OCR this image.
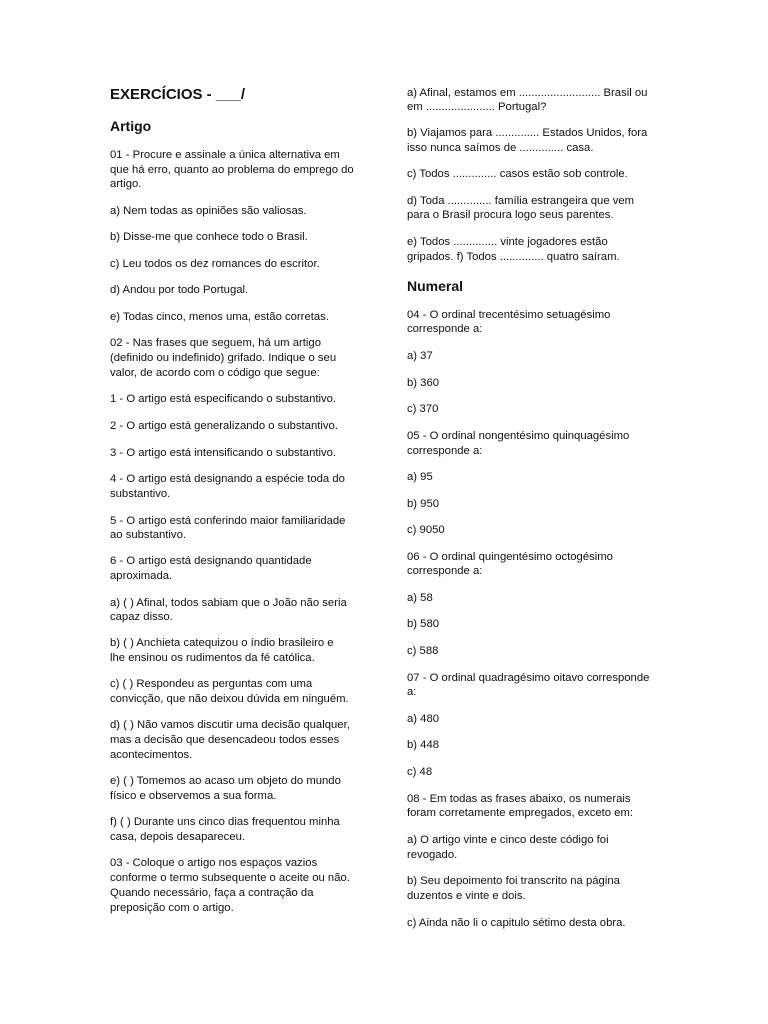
EXERCÍCIOS - ___/
Artigo
01 - Procure e assinale a única alternativa em
que há erro, quanto ao problema do emprego do
artigo.
a) Nem todas as opiniões são valiosas.
b) Disse-me que conhece todo o Brasil.
c) Leu todos os dez romances do escritor.
d) Andou por todo Portugal.
e) Todas cinco, menos uma, estão corretas.
02 - Nas frases que seguem, há um artigo
(definido ou indefinido) grifado. Indique o seu
valor, de acordo com o código que segue:
1 - O artigo está especificando o substantivo.
2 - O artigo está generalizando o substantivo.
3 - O artigo está intensificando o substantivo.
4 - O artigo está designando a espécie toda do
substantivo.
5 - O artigo está conferindo maior familiaridade
ao substantivo.
6 - O artigo está designando quantidade
aproximada.
a) ( ) Afinal, todos sabiam que o João não seria
capaz disso.
b) ( ) Anchieta catequizou o índio brasileiro e
lhe ensinou os rudimentos da fé católica.
c) ( ) Respondeu as perguntas com uma
convicção, que não deixou dúvida em ninguém.
d) ( ) Não vamos discutir uma decisão qualquer,
mas a decisão que desencadeou todos esses
acontecimentos.
e) ( ) Tomemos ao acaso um objeto do mundo
físico e observemos a sua forma.
f) ( ) Durante uns cinco dias frequentou minha
casa, depois desapareceu.
03 - Coloque o artigo nos espaços vazios
conforme o termo subsequente o aceite ou não.
Quando necessário, faça a contração da
preposição com o artigo.
a) Afinal, estamos em .......................... Brasil ou
em ...................... Portugal?
b) Viajamos para .............. Estados Unidos, fora
isso nunca saímos de .............. casa.
c) Todos .............. casos estão sob controle.
d) Toda .............. família estrangeira que vem
para o Brasil procura logo seus parentes.
e) Todos .............. vinte jogadores estão
gripados. f) Todos .............. quatro saíram.
Numeral
04 - O ordinal trecentésimo setuagésimo
corresponde a:
a) 37
b) 360
c) 370
05 - O ordinal nongentésimo quinquagésimo
corresponde a:
a) 95
b) 950
c) 9050
06 - O ordinal quingentésimo octogésimo
corresponde a:
a) 58
b) 580
c) 588
07 - O ordinal quadragésimo oitavo corresponde
a:
a) 480
b) 448
c) 48
08 - Em todas as frases abaixo, os numerais
foram corretamente empregados, exceto em:
a) O artigo vinte e cinco deste código foi
revogado.
b) Seu depoimento foi transcrito na página
duzentos e vinte e dois.
c) Ainda não li o capitulo sétimo desta obra.
